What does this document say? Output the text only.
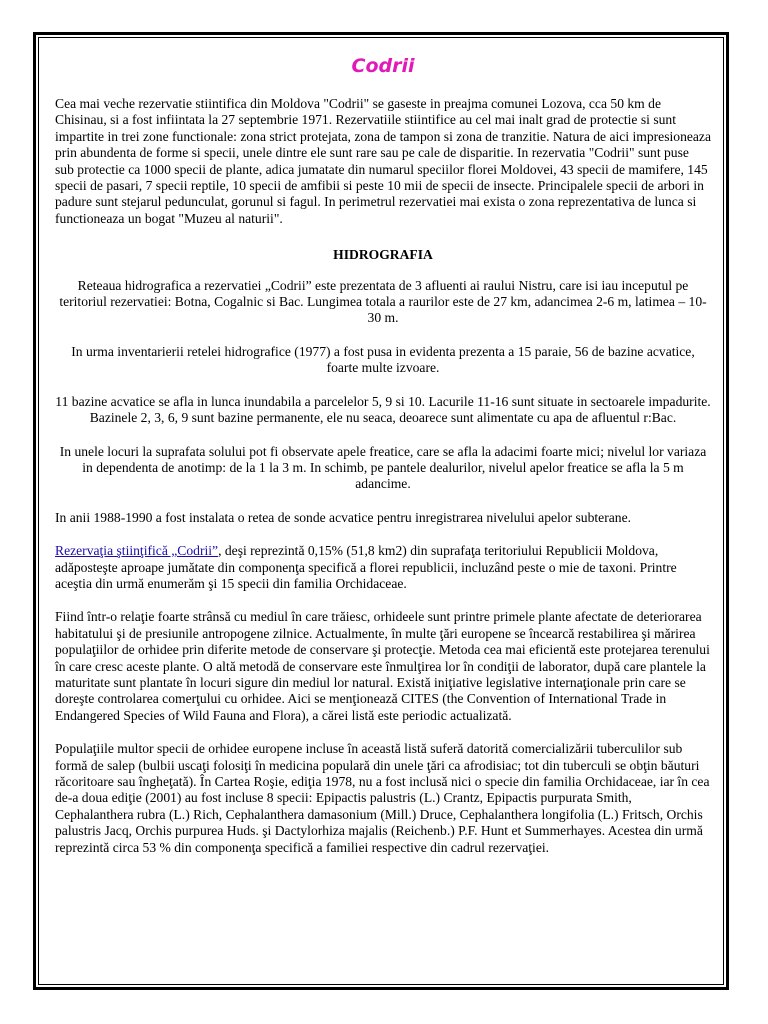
Codrii

Cea mai veche rezervatie stiintifica din Moldova "Codrii" se gaseste in preajma comunei Lozova, cca 50 km de Chisinau, si a fost infiintata la 27 septembrie 1971. Rezervatiile stiintifice au cel mai inalt grad de protectie si sunt impartite in trei zone functionale: zona strict protejata, zona de tampon si zona de tranzitie. Natura de aici impresioneaza prin abundenta de forme si specii, unele dintre ele sunt rare sau pe cale de disparitie. In rezervatia "Codrii" sunt puse sub protectie ca 1000 specii de plante, adica jumatate din numarul speciilor florei Moldovei, 43 specii de mamifere, 145 specii de pasari, 7 specii reptile, 10 specii de amfibii si peste 10 mii de specii de insecte. Principalele specii de arbori in padure sunt stejarul pedunculat, gorunul si fagul. In perimetrul rezervatiei mai exista o zona reprezentativa de lunca si functioneaza un bogat "Muzeu al naturii".

HIDROGRAFIA

Reteaua hidrografica a rezervatiei „Codrii” este prezentata de 3 afluenti ai raului Nistru, care isi iau inceputul pe teritoriul rezervatiei: Botna, Cogalnic si Bac. Lungimea totala a raurilor este de 27 km, adancimea 2-6 m, latimea – 10-30 m.

In urma inventarierii retelei hidrografice (1977) a fost pusa in evidenta prezenta a 15 paraie, 56 de bazine acvatice, foarte multe izvoare.

11 bazine acvatice se afla in lunca inundabila a parcelelor 5, 9 si 10. Lacurile 11-16 sunt situate in sectoarele impadurite. Bazinele 2, 3, 6, 9 sunt bazine permanente, ele nu seaca, deoarece sunt alimentate cu apa de afluentul r:Bac.

In unele locuri la suprafata solului pot fi observate apele freatice, care se afla la adacimi foarte mici; nivelul lor variaza in dependenta de anotimp: de la 1 la 3 m. In schimb, pe pantele dealurilor, nivelul apelor freatice se afla la 5 m adancime.

In anii 1988-1990 a fost instalata o retea de sonde acvatice pentru inregistrarea nivelului apelor subterane.

Rezervaţia ştiinţifică „Codrii”, deşi reprezintă 0,15% (51,8 km2) din suprafaţa teritoriului Republicii Moldova, adăposteşte aproape jumătate din componenţa specifică a florei republicii, incluzând peste o mie de taxoni. Printre aceştia din urmă enumerăm şi 15 specii din familia Orchidaceae.

Fiind într-o relaţie foarte strânsă cu mediul în care trăiesc, orhideele sunt printre primele plante afectate de deteriorarea habitatului şi de presiunile antropogene zilnice. Actualmente, în multe ţări europene se încearcă restabilirea şi mărirea populaţiilor de orhidee prin diferite metode de conservare şi protecţie. Metoda cea mai eficientă este protejarea terenului în care cresc aceste plante. O altă metodă de conservare este înmulţirea lor în condiţii de laborator, după care plantele la maturitate sunt plantate în locuri sigure din mediul lor natural. Există iniţiative legislative internaţionale prin care se doreşte controlarea comerţului cu orhidee. Aici se menţionează CITES (the Convention of International Trade in Endangered Species of Wild Fauna and Flora), a cărei listă este periodic actualizată.

Populaţiile multor specii de orhidee europene incluse în această listă suferă datorită comercializării tuberculilor sub formă de salep (bulbii uscaţi folosiţi în medicina populară din unele ţări ca afrodisiac; tot din tuberculi se obţin băuturi răcoritoare sau îngheţată). În Cartea Roşie, ediţia 1978, nu a fost inclusă nici o specie din familia Orchidaceae, iar în cea de-a doua ediţie (2001) au fost incluse 8 specii: Epipactis palustris (L.) Crantz, Epipactis purpurata Smith, Cephalanthera rubra (L.) Rich, Cephalanthera damasonium (Mill.) Druce, Cephalanthera longifolia (L.) Fritsch, Orchis palustris Jacq, Orchis purpurea Huds. şi Dactylorhiza majalis (Reichenb.) P.F. Hunt et Summerhayes. Acestea din urmă reprezintă circa 53 % din componenţa specifică a familiei respective din cadrul rezervaţiei.
